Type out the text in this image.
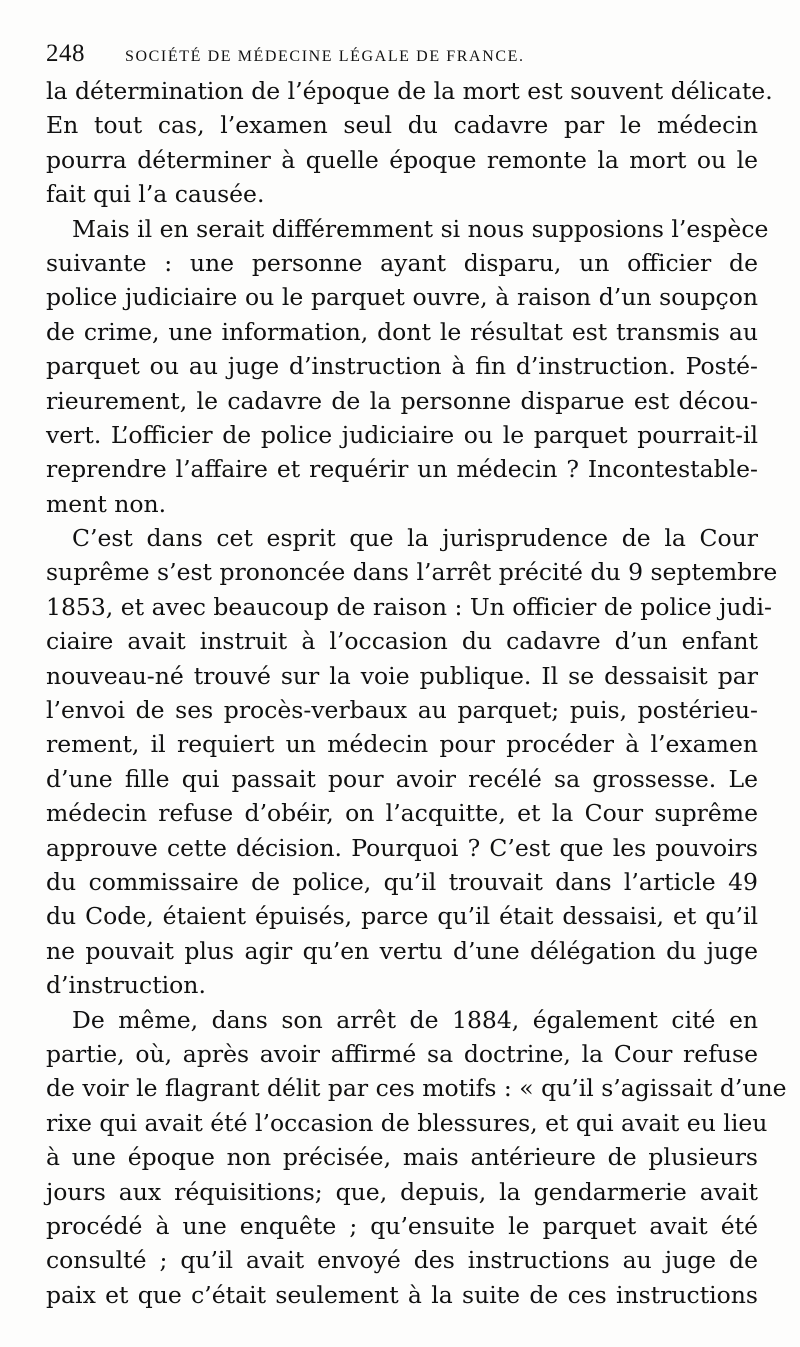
248	SOCIÉTÉ DE MÉDECINE LÉGALE DE FRANCE.
la détermination de l’époque de la mort est souvent délicate.
En tout cas, l’examen seul du cadavre par le médecin
pourra déterminer à quelle époque remonte la mort ou le
fait qui l’a causée.
Mais il en serait différemment si nous supposions l’espèce
suivante : une personne ayant disparu, un officier de
police judiciaire ou le parquet ouvre, à raison d’un soupçon
de crime, une information, dont le résultat est transmis au
parquet ou au juge d’instruction à fin d’instruction. Posté-
rieurement, le cadavre de la personne disparue est décou-
vert. L’officier de police judiciaire ou le parquet pourrait-il
reprendre l’affaire et requérir un médecin ? Incontestable-
ment non.
C’est dans cet esprit que la jurisprudence de la Cour
suprême s’est prononcée dans l’arrêt précité du 9 septembre
1853, et avec beaucoup de raison : Un officier de police judi-
ciaire avait instruit à l’occasion du cadavre d’un enfant
nouveau-né trouvé sur la voie publique. Il se dessaisit par
l’envoi de ses procès-verbaux au parquet; puis, postérieu-
rement, il requiert un médecin pour procéder à l’examen
d’une fille qui passait pour avoir recélé sa grossesse. Le
médecin refuse d’obéir, on l’acquitte, et la Cour suprême
approuve cette décision. Pourquoi ? C’est que les pouvoirs
du commissaire de police, qu’il trouvait dans l’article 49
du Code, étaient épuisés, parce qu’il était dessaisi, et qu’il
ne pouvait plus agir qu’en vertu d’une délégation du juge
d’instruction.
De même, dans son arrêt de 1884, également cité en
partie, où, après avoir affirmé sa doctrine, la Cour refuse
de voir le flagrant délit par ces motifs : « qu’il s’agissait d’une
rixe qui avait été l’occasion de blessures, et qui avait eu lieu
à une époque non précisée, mais antérieure de plusieurs
jours aux réquisitions; que, depuis, la gendarmerie avait
procédé à une enquête ; qu’ensuite le parquet avait été
consulté ; qu’il avait envoyé des instructions au juge de
paix et que c’était seulement à la suite de ces instructions
